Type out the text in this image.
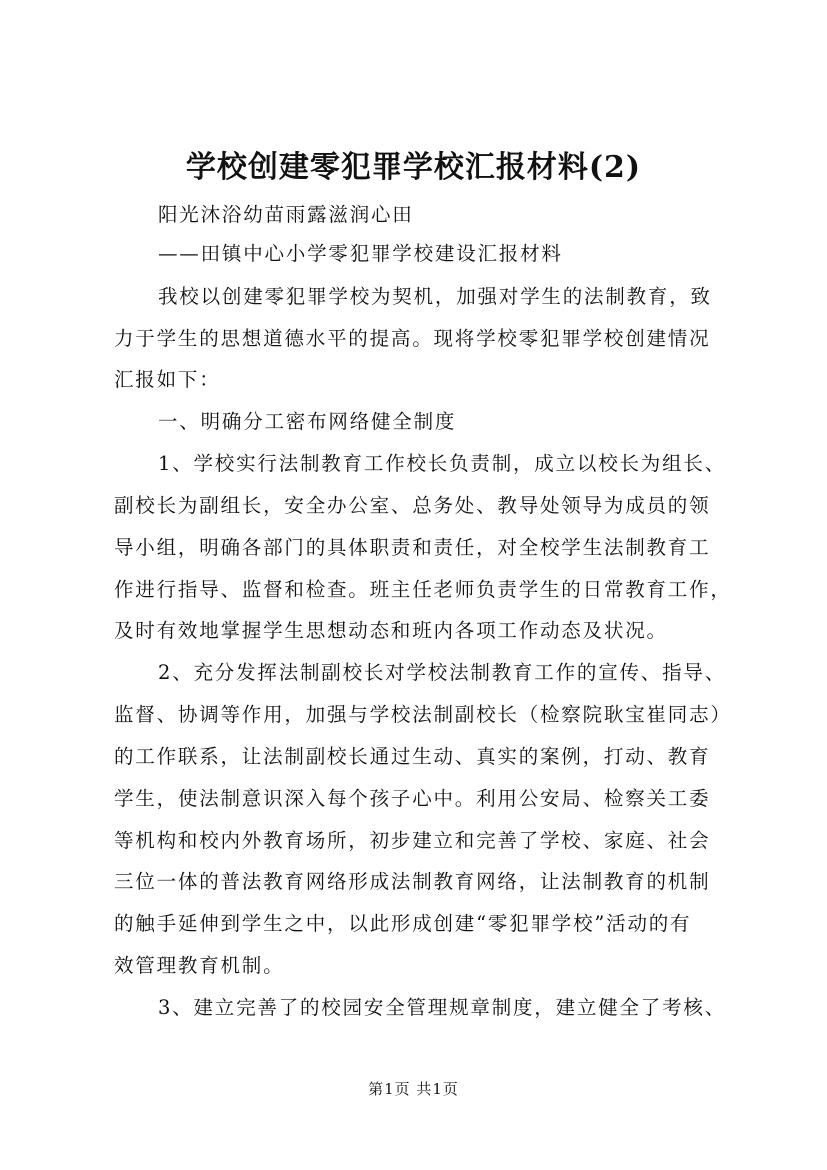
学校创建零犯罪学校汇报材料(2)
阳光沐浴幼苗雨露滋润心田
——田镇中心小学零犯罪学校建设汇报材料
我校以创建零犯罪学校为契机，加强对学生的法制教育，致
力于学生的思想道德水平的提高。现将学校零犯罪学校创建情况
汇报如下：
一、明确分工密布网络健全制度
1、学校实行法制教育工作校长负责制，成立以校长为组长、
副校长为副组长，安全办公室、总务处、教导处领导为成员的领
导小组，明确各部门的具体职责和责任，对全校学生法制教育工
作进行指导、监督和检查。班主任老师负责学生的日常教育工作，
及时有效地掌握学生思想动态和班内各项工作动态及状况。
2、充分发挥法制副校长对学校法制教育工作的宣传、指导、
监督、协调等作用，加强与学校法制副校长（检察院耿宝崔同志）
的工作联系，让法制副校长通过生动、真实的案例，打动、教育
学生，使法制意识深入每个孩子心中。利用公安局、检察关工委
等机构和校内外教育场所，初步建立和完善了学校、家庭、社会
三位一体的普法教育网络形成法制教育网络，让法制教育的机制
的触手延伸到学生之中，以此形成创建“零犯罪学校”活动的有
效管理教育机制。
3、建立完善了的校园安全管理规章制度，建立健全了考核、
第1页 共1页
